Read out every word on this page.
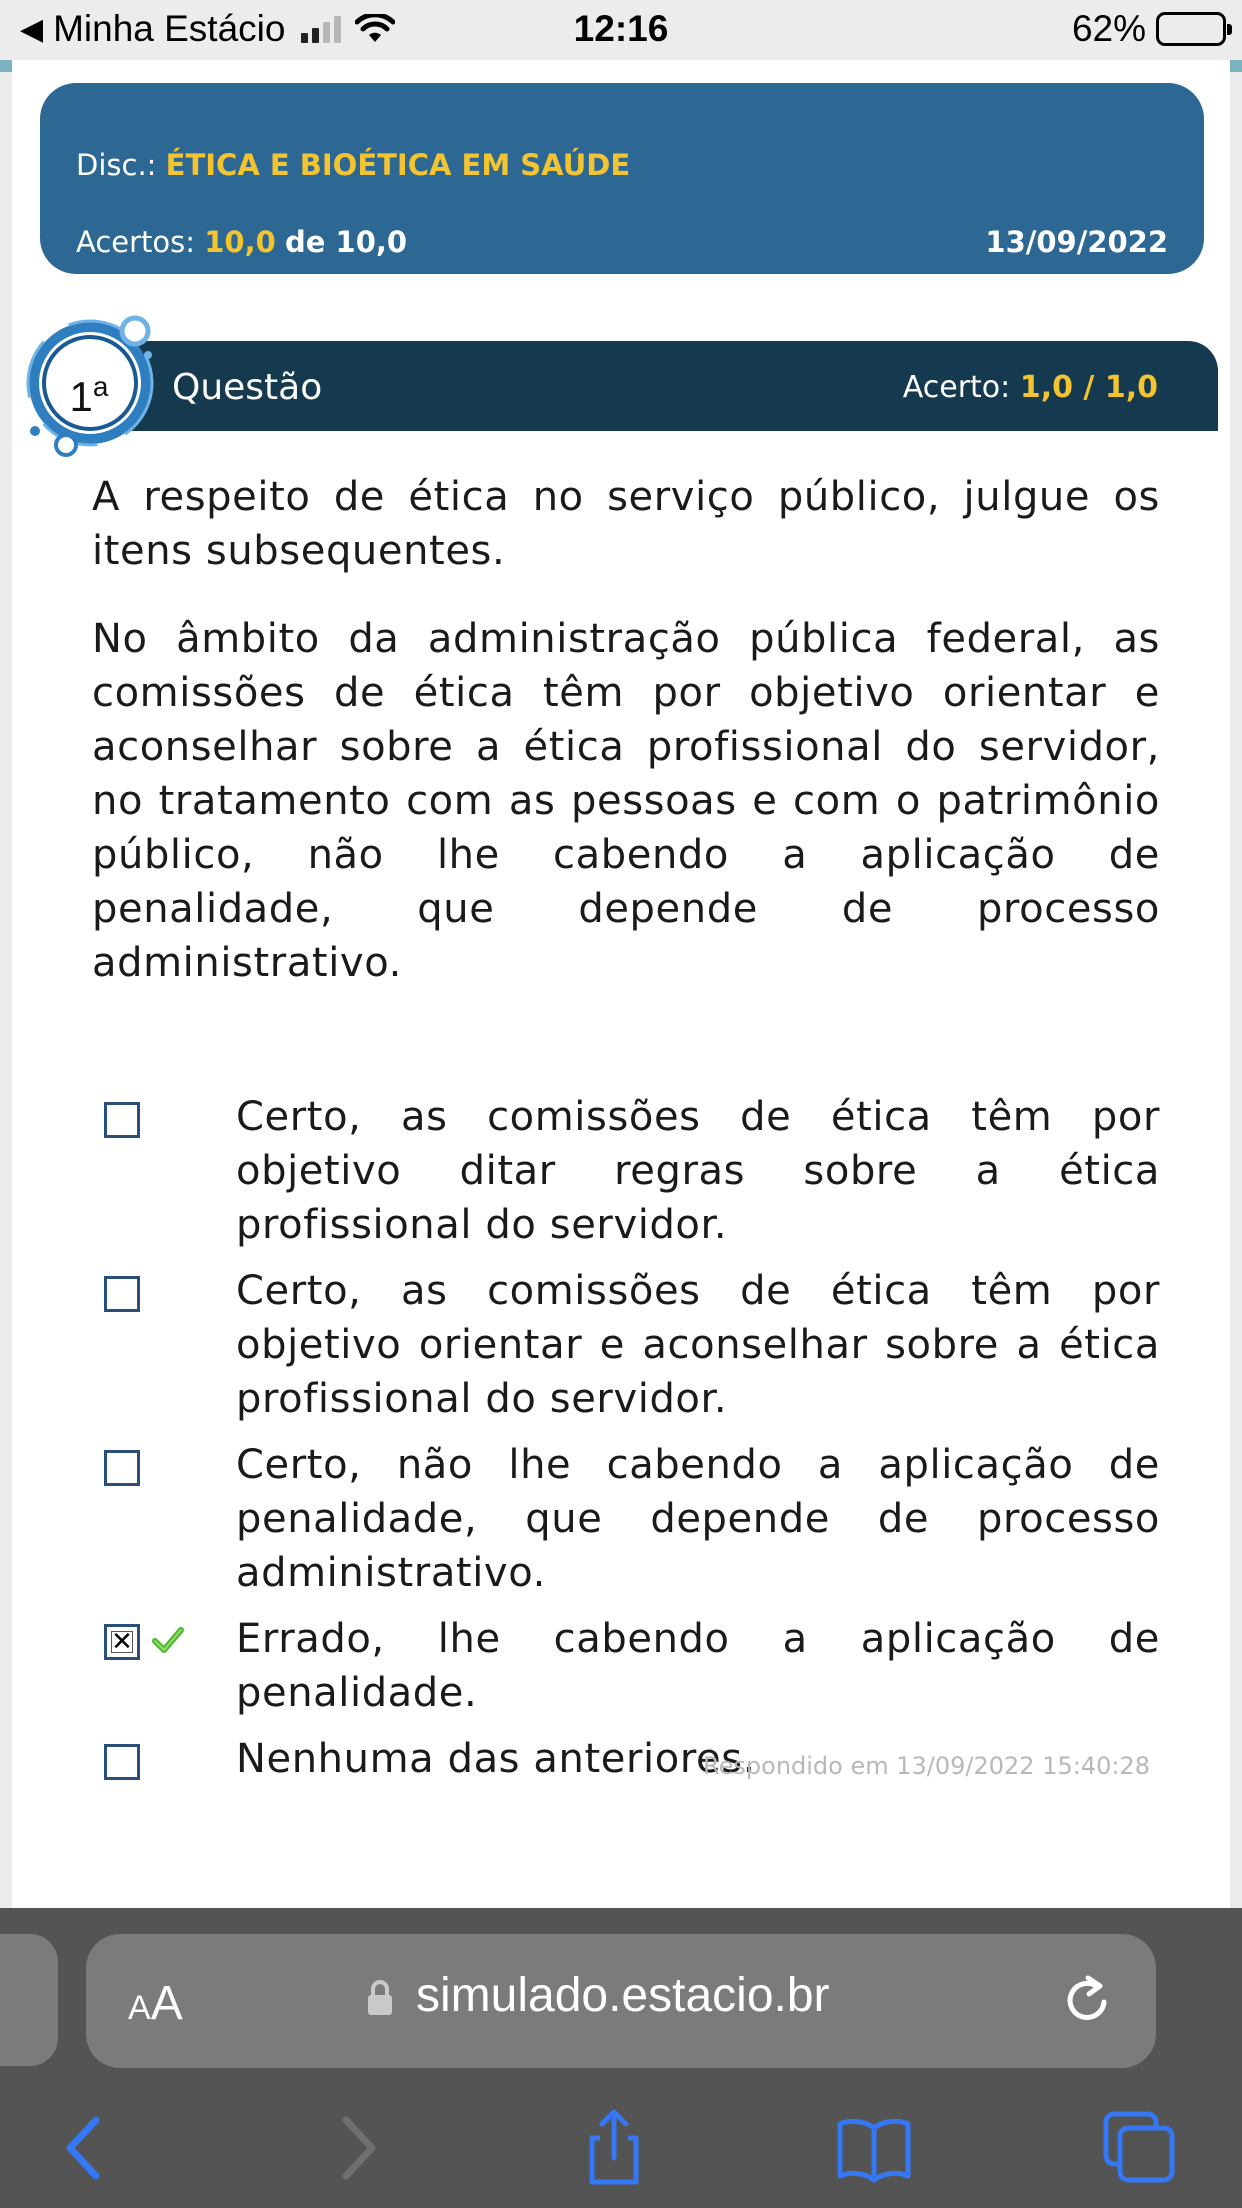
◀ Minha Estácio	12:16	62%
Disc.: ÉTICA E BIOÉTICA EM SAÚDE
Acertos: 10,0 de 10,0	13/09/2022
Questão	Acerto: 1,0 / 1,0
1$^a$

A respeito de ética no serviço público, julgue os itens subsequentes.

No âmbito da administração pública federal, as comissões de ética têm por objetivo orientar e aconselhar sobre a ética profissional do servidor, no tratamento com as pessoas e com o patrimônio público, não lhe cabendo a aplicação de penalidade, que depende de processo administrativo.

Certo, as comissões de ética têm por objetivo ditar regras sobre a ética profissional do servidor.
Certo, as comissões de ética têm por objetivo orientar e aconselhar sobre a ética profissional do servidor.
Certo, não lhe cabendo a aplicação de penalidade, que depende de processo administrativo.
✕	Errado, lhe cabendo a aplicação de penalidade.
Nenhuma das anteriores.
Respondido em 13/09/2022 15:40:28
AA	simulado.estacio.br
